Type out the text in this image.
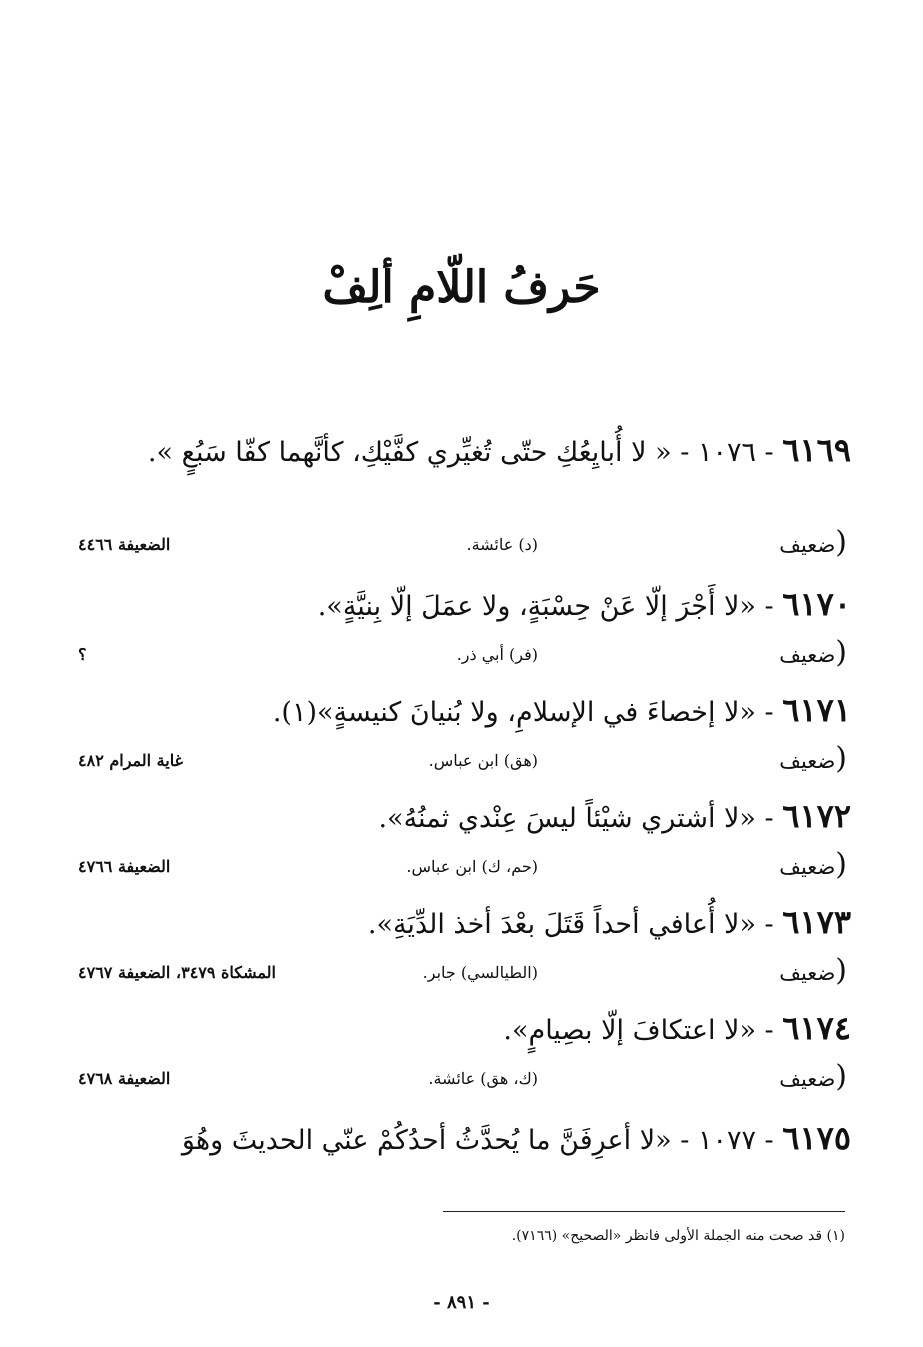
حَرفُ اللّامِ ألِفْ
٦١٦٩ - ١٠٧٦ - « لا أُبايِعُكِ حتّى تُغيِّري كفَّيْكِ، كأنَّهما كفّا سَبُعٍ ».
(ضعيف
(د) عائشة.
الضعيفة ٤٤٦٦
٦١٧٠ - «لا أَجْرَ إلّا عَنْ حِسْبَةٍ، ولا عمَلَ إلّا بِنيَّةٍ».
(ضعيف
(فر) أبي ذر.
؟
٦١٧١ - «لا إخصاءَ في الإسلامِ، ولا بُنيانَ كنيسةٍ»(١).
(ضعيف
(هق) ابن عباس.
غاية المرام ٤٨٢
٦١٧٢ - «لا أشتري شيْئاً ليسَ عِنْدي ثمنُهُ».
(ضعيف
(حم، ك) ابن عباس.
الضعيفة ٤٧٦٦
٦١٧٣ - «لا أُعافي أحداً قَتَلَ بعْدَ أخذ الدِّيَةِ».
(ضعيف
(الطيالسي) جابر.
المشكاة ٣٤٧٩، الضعيفة ٤٧٦٧
٦١٧٤ - «لا اعتكافَ إلّا بصِيامٍ».
(ضعيف
(ك، هق) عائشة.
الضعيفة ٤٧٦٨
٦١٧٥ - ١٠٧٧ - «لا أعرِفَنَّ ما يُحدَّثُ أحدُكُمْ عنّي الحديثَ وهُوَ
(١) قد صحت منه الجملة الأولى فانظر «الصحيح» (٧١٦٦).
- ٨٩١ -
